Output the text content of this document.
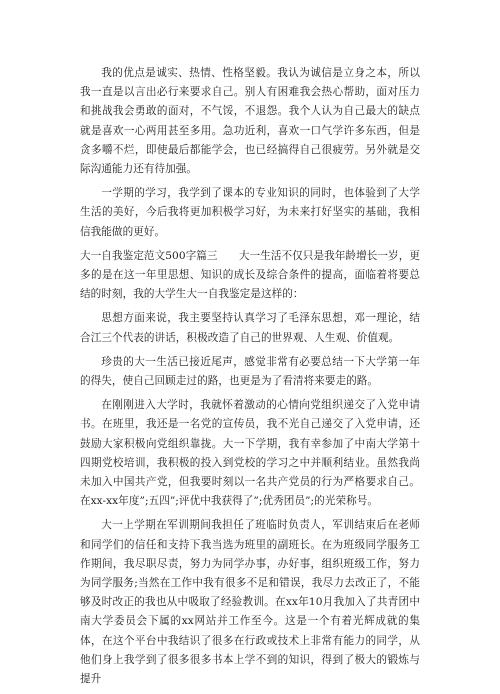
我的优点是诚实、热情、性格坚毅。我认为诚信是立身之本，所以我一直是以言出必行来要求自己。别人有困难我会热心帮助，面对压力和挑战我会勇敢的面对，不气馁，不退怨。我个人认为自己最大的缺点就是喜欢一心两用甚至多用。急功近利，喜欢一口气学许多东西，但是贪多嚼不烂，即使最后都能学会，也已经搞得自己很疲劳。另外就是交际沟通能力还有待加强。

一学期的学习，我学到了课本的专业知识的同时，也体验到了大学生活的美好，今后我将更加积极学习好，为未来打好坚实的基础，我相信我能做的更好。

大一自我鉴定范文500字篇三　　大一生活不仅只是我年龄增长一岁，更多的是在这一年里思想、知识的成长及综合条件的提高，面临着将要总结的时刻，我的大学生大一自我鉴定是这样的：

思想方面来说，我主要坚持认真学习了毛泽东思想，邓一理论，结合江三个代表的讲话，积极改造了自己的世界观、人生观、价值观。

珍贵的大一生活已接近尾声，感觉非常有必要总结一下大学第一年的得失，使自己回顾走过的路，也更是为了看清将来要走的路。

在刚刚进入大学时，我就怀着激动的心情向党组织递交了入党申请书。在班里，我还是一名党的宣传员，我不光自己递交了入党申请，还鼓励大家积极向党组织靠拢。大一下学期，我有幸参加了中南大学第十四期党校培训，我积极的投入到党校的学习之中并顺利结业。虽然我尚未加入中国共产党，但我要时刻以一名共产党员的行为严格要求自己。在xx-xx年度”;五四”;评优中我获得了”;优秀团员”;的光荣称号。

大一上学期在军训期间我担任了班临时负责人，军训结束后在老师和同学们的信任和支持下我当选为班里的副班长。在为班级同学服务工作期间，我尽职尽责，努力为同学办事，办好事，组织班级工作，努力为同学服务;当然在工作中我有很多不足和错误，我尽力去改正了，不能够及时改正的我也从中吸取了经验教训。在xx年10月我加入了共青团中南大学委员会下属的xx网站并工作至今。这是一个有着光辉成就的集体，在这个平台中我结识了很多在行政或技术上非常有能力的同学，从他们身上我学到了很多很多书本上学不到的知识，得到了极大的锻炼与提升
